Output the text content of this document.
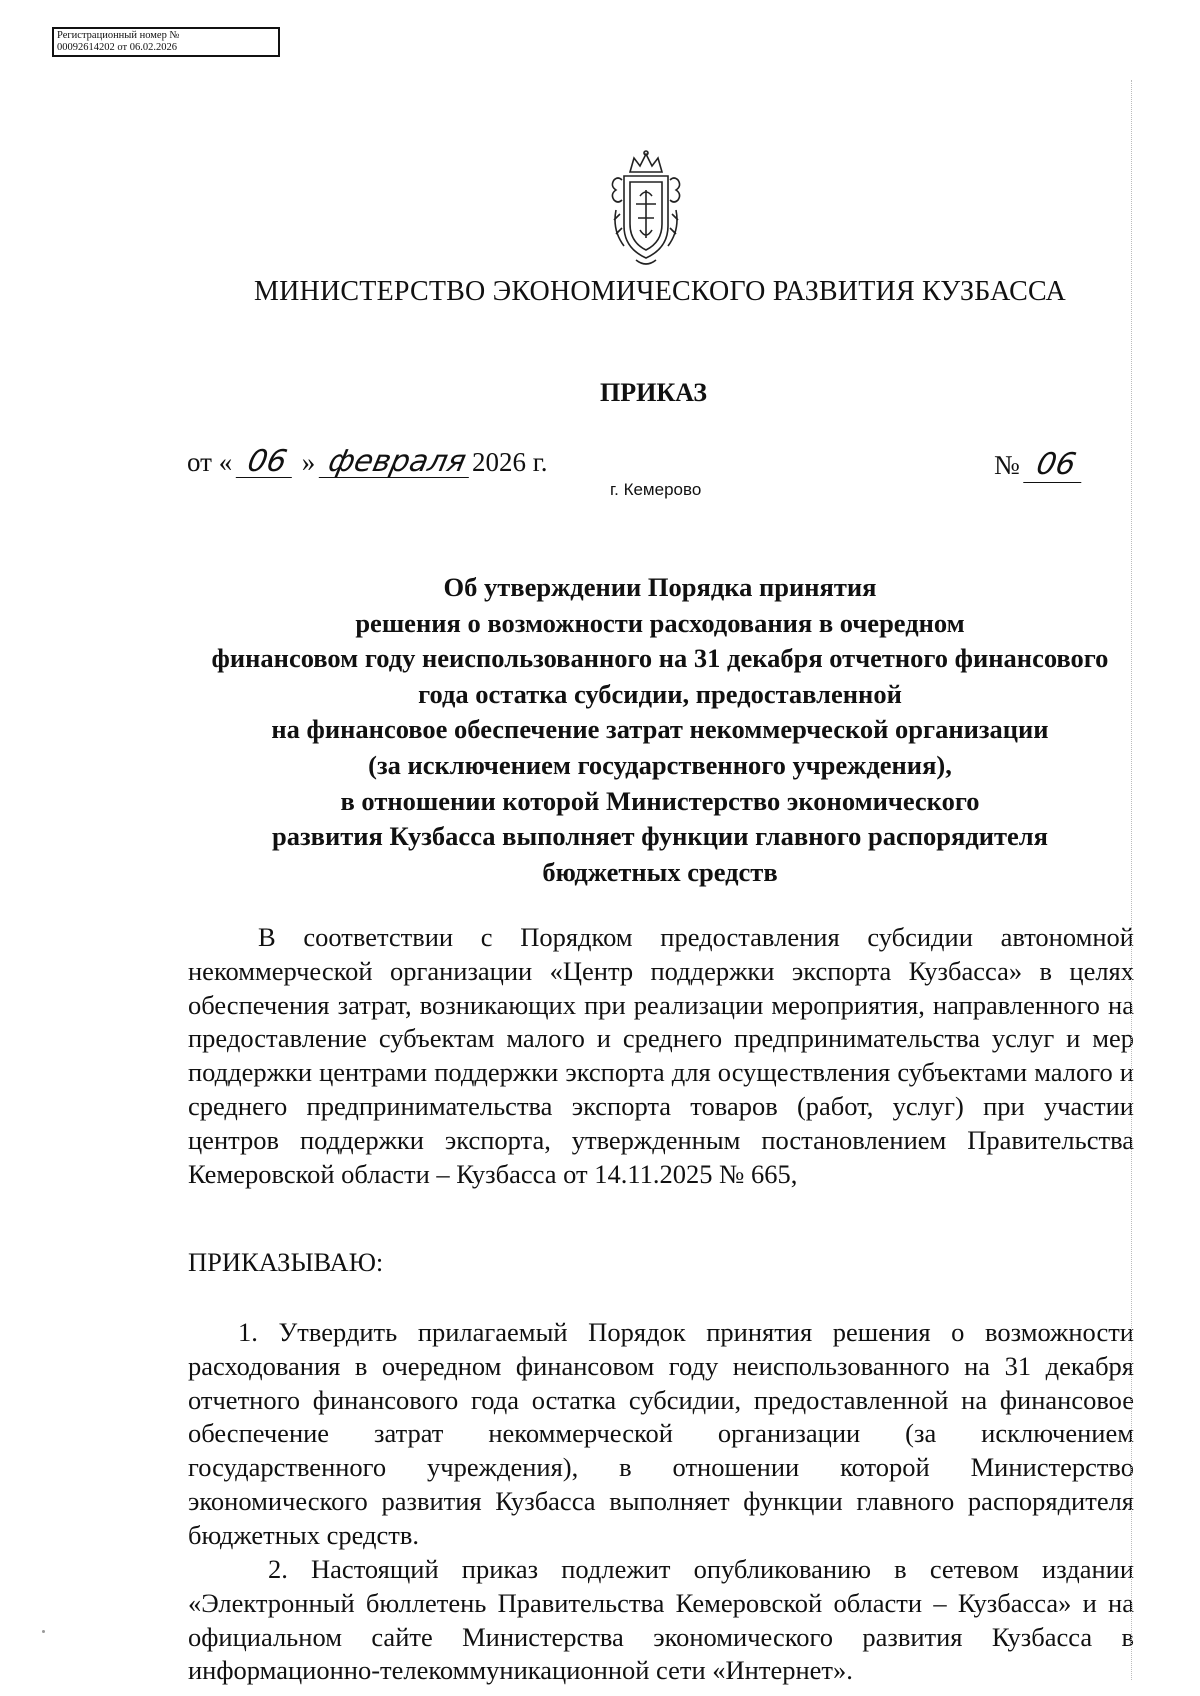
Регистрационный номер №
00092614202 от 06.02.2026
МИНИСТЕРСТВО ЭКОНОМИЧЕСКОГО РАЗВИТИЯ КУЗБАССА
ПРИКАЗ
от « 06 » февраля 2026 г.	№ 06
г. Кемерово
Об утверждении Порядка принятия
решения о возможности расходования в очередном
финансовом году неиспользованного на 31 декабря отчетного финансового
года остатка субсидии, предоставленной
на финансовое обеспечение затрат некоммерческой организации
(за исключением государственного учреждения),
в отношении которой Министерство экономического
развития Кузбасса выполняет функции главного распорядителя
бюджетных средств
В соответствии с Порядком предоставления субсидии автономной некоммерческой организации «Центр поддержки экспорта Кузбасса» в целях обеспечения затрат, возникающих при реализации мероприятия, направленного на предоставление субъектам малого и среднего предпринимательства услуг и мер поддержки центрами поддержки экспорта для осуществления субъектами малого и среднего предпринимательства экспорта товаров (работ, услуг) при участии центров поддержки экспорта, утвержденным постановлением Правительства Кемеровской области – Кузбасса от 14.11.2025 № 665,
ПРИКАЗЫВАЮ:
1. Утвердить прилагаемый Порядок принятия решения о возможности расходования в очередном финансовом году неиспользованного на 31 декабря отчетного финансового года остатка субсидии, предоставленной на финансовое обеспечение затрат некоммерческой организации (за исключением государственного учреждения), в отношении которой Министерство экономического развития Кузбасса выполняет функции главного распорядителя бюджетных средств.
2. Настоящий приказ подлежит опубликованию в сетевом издании «Электронный бюллетень Правительства Кемеровской области – Кузбасса» и на официальном сайте Министерства экономического развития Кузбасса в информационно-телекоммуникационной сети «Интернет».
